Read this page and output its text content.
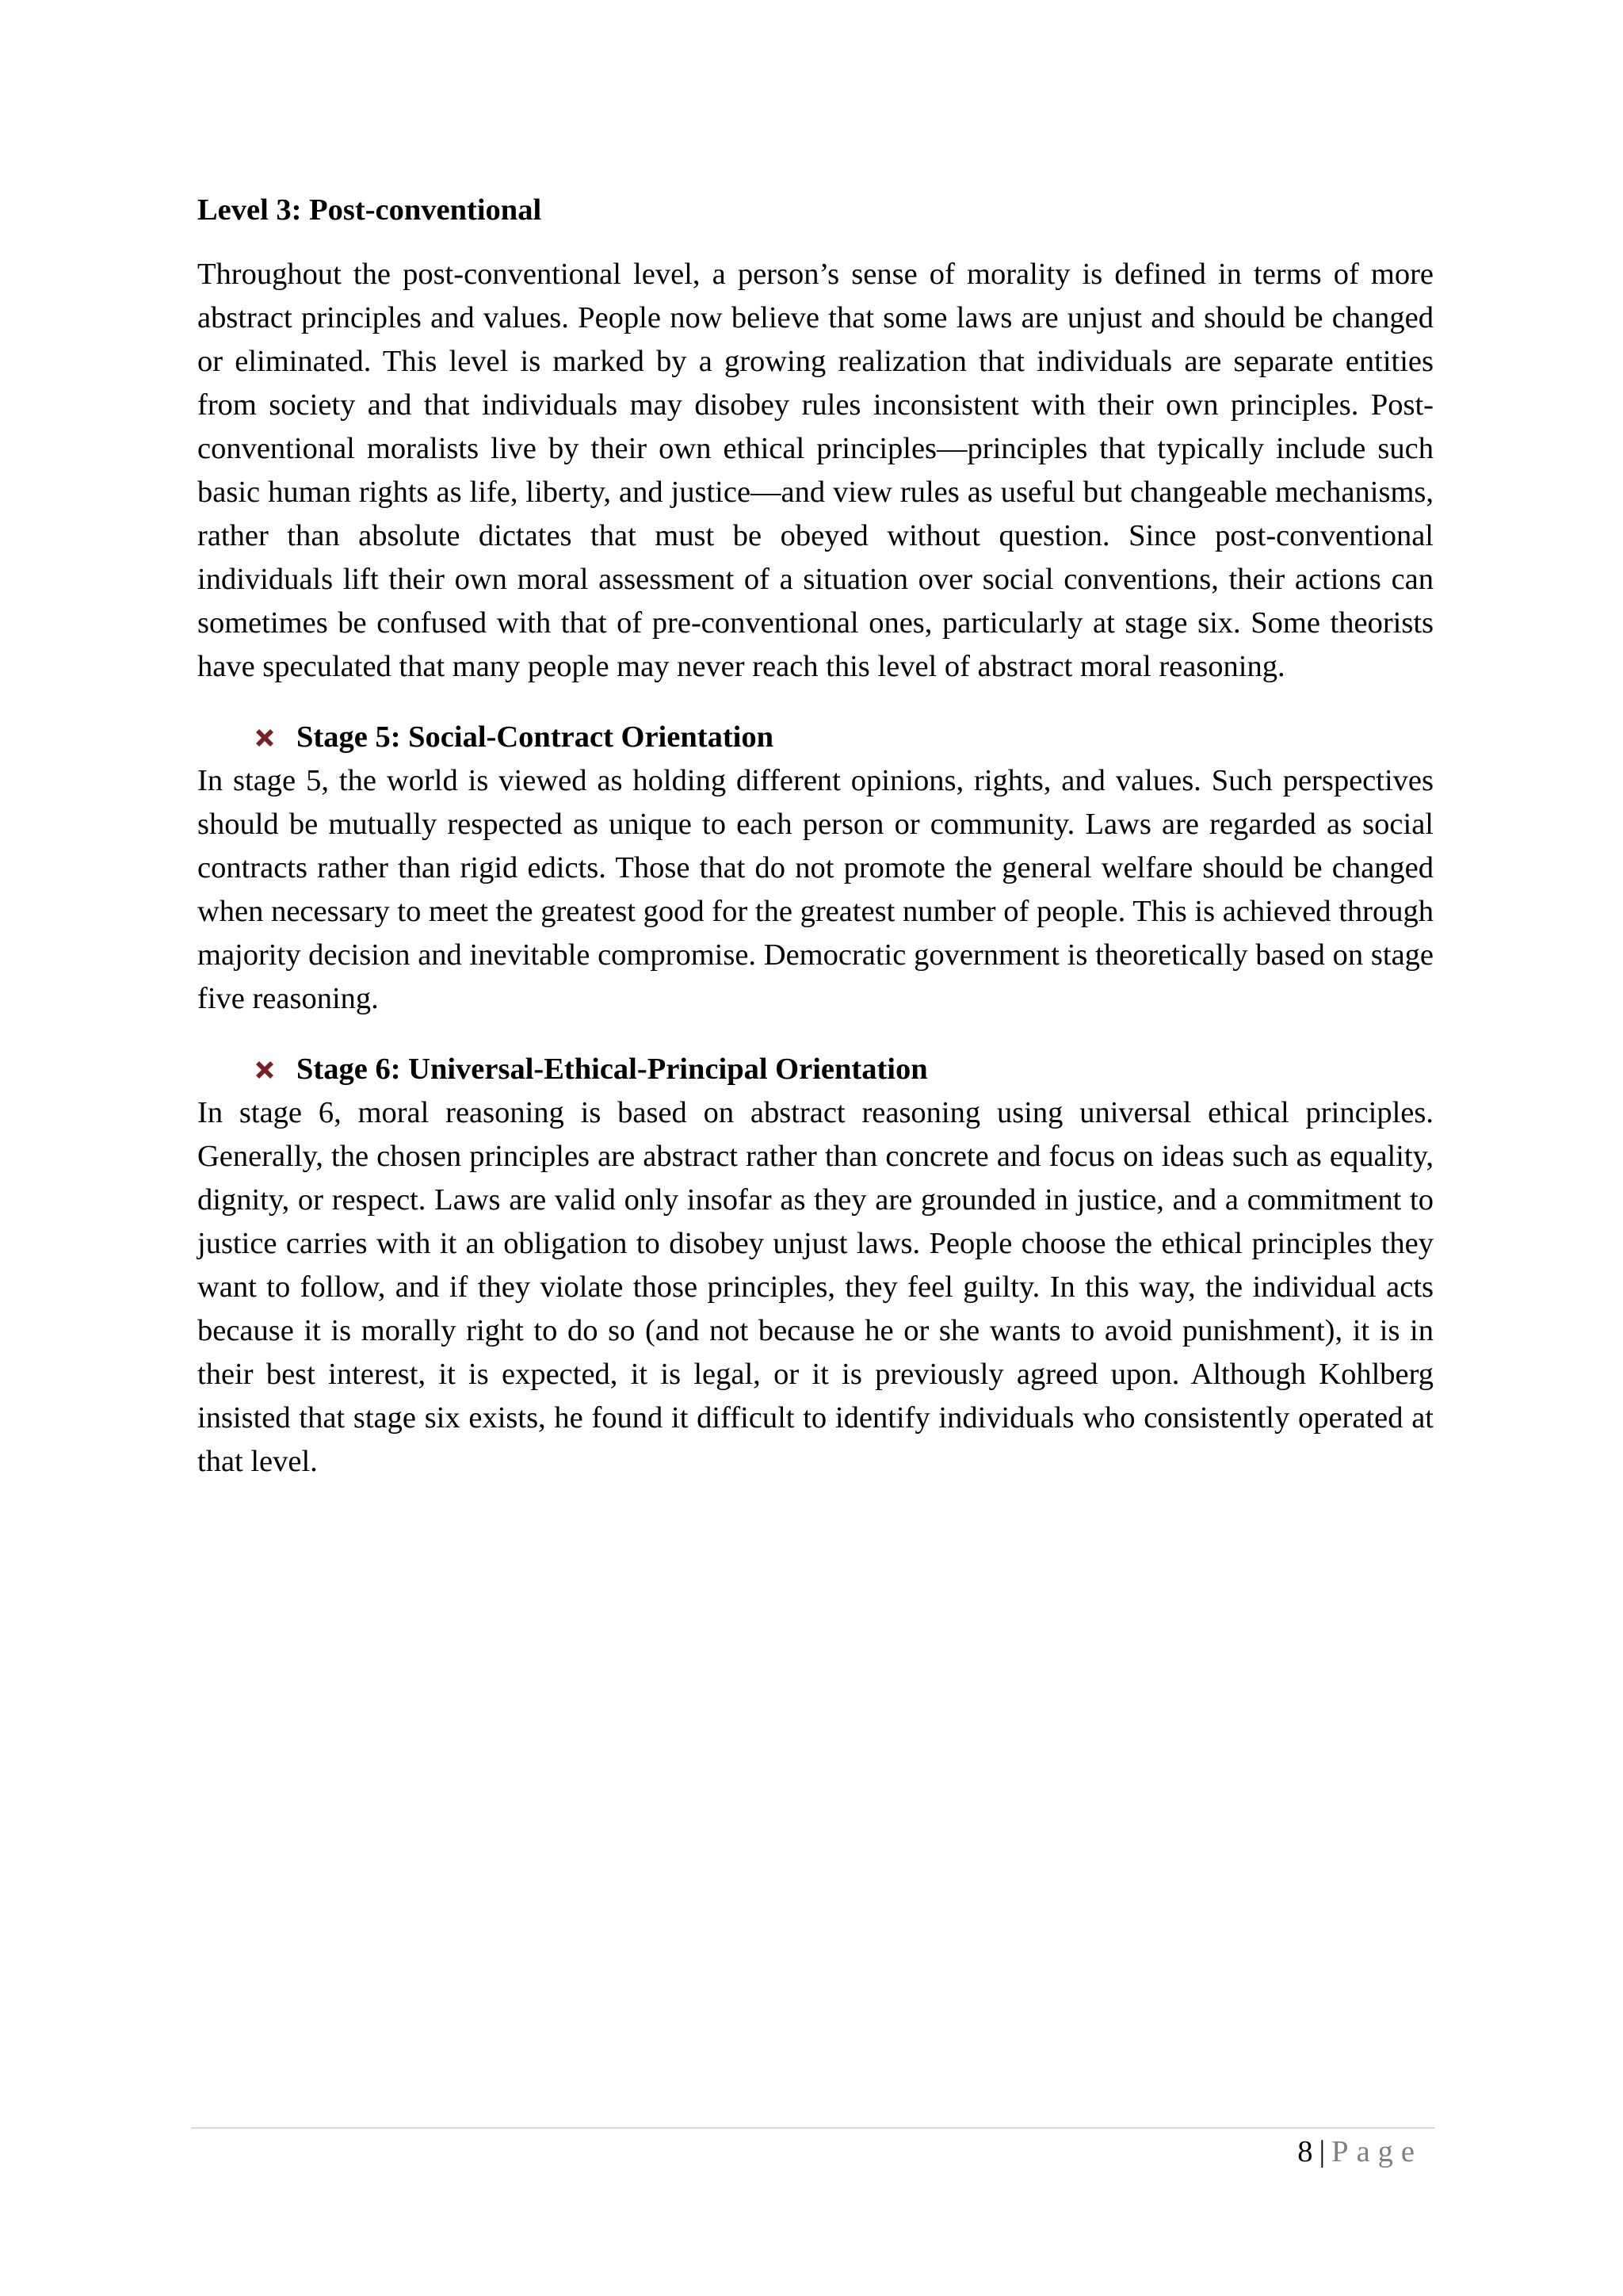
Level 3: Post-conventional

Throughout the post-conventional level, a person’s sense of morality is defined in terms of more abstract principles and values. People now believe that some laws are unjust and should be changed or eliminated. This level is marked by a growing realization that individuals are separate entities from society and that individuals may disobey rules inconsistent with their own principles. Post-conventional moralists live by their own ethical principles—principles that typically include such basic human rights as life, liberty, and justice—and view rules as useful but changeable mechanisms, rather than absolute dictates that must be obeyed without question. Since post-conventional individuals lift their own moral assessment of a situation over social conventions, their actions can sometimes be confused with that of pre-conventional ones, particularly at stage six. Some theorists have speculated that many people may never reach this level of abstract moral reasoning.

Stage 5: Social-Contract Orientation

In stage 5, the world is viewed as holding different opinions, rights, and values. Such perspectives should be mutually respected as unique to each person or community. Laws are regarded as social contracts rather than rigid edicts. Those that do not promote the general welfare should be changed when necessary to meet the greatest good for the greatest number of people. This is achieved through majority decision and inevitable compromise. Democratic government is theoretically based on stage five reasoning.

Stage 6: Universal-Ethical-Principal Orientation

In stage 6, moral reasoning is based on abstract reasoning using universal ethical principles. Generally, the chosen principles are abstract rather than concrete and focus on ideas such as equality, dignity, or respect. Laws are valid only insofar as they are grounded in justice, and a commitment to justice carries with it an obligation to disobey unjust laws. People choose the ethical principles they want to follow, and if they violate those principles, they feel guilty. In this way, the individual acts because it is morally right to do so (and not because he or she wants to avoid punishment), it is in their best interest, it is expected, it is legal, or it is previously agreed upon. Although Kohlberg insisted that stage six exists, he found it difficult to identify individuals who consistently operated at that level.

8 | Page
